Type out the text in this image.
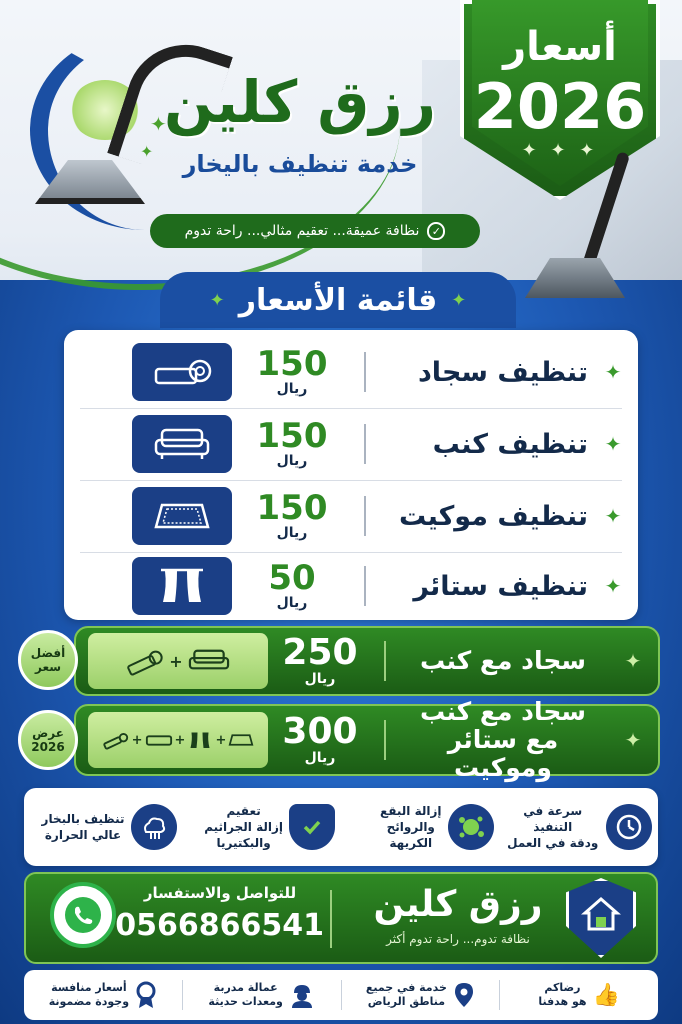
✦
✦
رزق كلين
خدمة تنظيف باليخار
✓
نظافة عميقة... تعقيم مثالي... راحة تدوم
أسعار
2026
✦ ✦ ✦
✦
قائمة الأسعار
✦
✦
تنظيف سجاد
150
ريال
✦
تنظيف كنب
150
ريال
✦
تنظيف موكيت
150
ريال
✦
تنظيف ستائر
50
ريال
✦
سجاد مع كنب
250
ريال
+
أفضل
سعر
✦
سجاد مع كنب
مع ستائر وموكيت
300
ريال
+
+
+
عرض
2026
سرعة في التنفيذ
ودقة في العمل
إزالة البقع
والروائح
الكريهة
تعقيم
إزالة الجراثيم
والبكتيريا
تنظيف بالبخار
عالي الحرارة
رزق كلين
نظافة تدوم... راحة تدوم أكثر
للتواصل والاستفسار
0566866541
👍
رضاكم
هو هدفنا
خدمة في جميع
مناطق الرياض
عمالة مدربة
ومعدات حديثة
أسعار منافسة
وجودة مضمونة
